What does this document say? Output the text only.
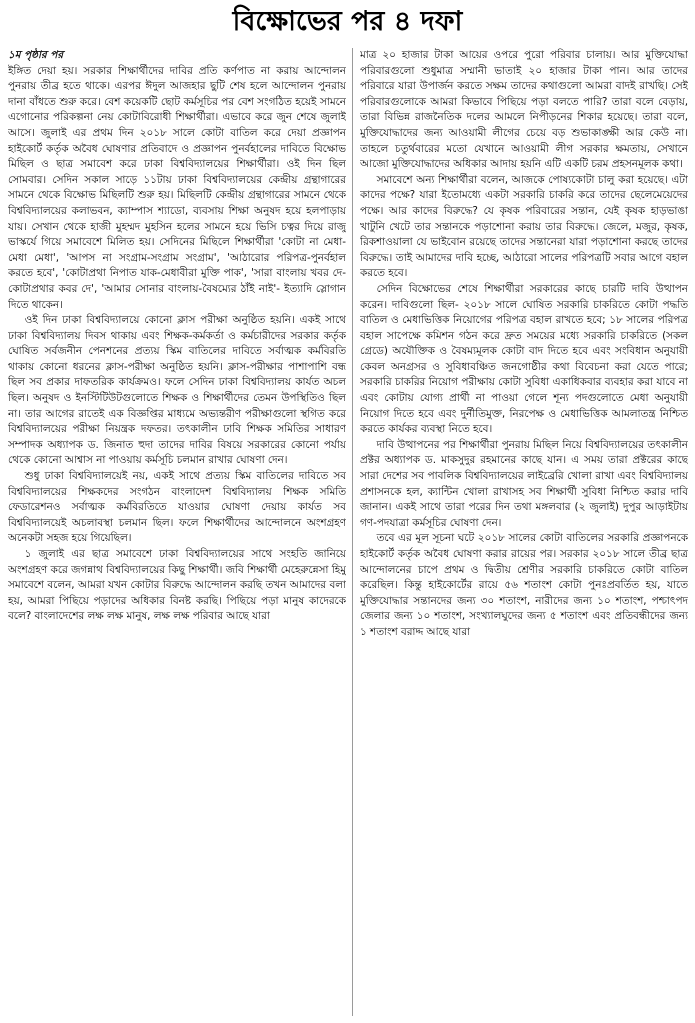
বিক্ষোভের পর ৪ দফা
১ম পৃষ্ঠার পর

ইঙ্গিত দেয়া হয়। সরকার শিক্ষার্থীদের দাবির প্রতি কর্ণপাত না করায় আন্দোলন পুনরায় তীব্র হতে থাকে। এরপর ঈদুল আজহার ছুটি শেষ হলে আন্দোলন পুনরায় দানা বাঁধতে শুরু করে। বেশ কয়েকটি ছোট কর্মসূচির পর বেশ সংগঠিত হয়েই সামনে এগোনোর পরিকল্পনা নেয় কোটাবিরোধী শিক্ষার্থীরা। এভাবে করে জুন শেষে জুলাই আসে। জুলাই এর প্রথম দিন ২০১৮ সালে কোটা বাতিল করে দেয়া প্রজ্ঞাপন হাইকোর্ট কর্তৃক অবৈধ ঘোষণার প্রতিবাদে ও প্রজ্ঞাপন পুনর্বহালের দাবিতে বিক্ষোভ মিছিল ও ছাত্র সমাবেশ করে ঢাকা বিশ্ববিদ্যালয়ের শিক্ষার্থীরা। ওই দিন ছিল সোমবার। সেদিন সকাল সাড়ে ১১টায় ঢাকা বিশ্ববিদ্যালয়ের কেন্দ্রীয় গ্রন্থাগারের সামনে থেকে বিক্ষোভ মিছিলটি শুরু হয়। মিছিলটি কেন্দ্রীয় গ্রন্থাগারের সামনে থেকে বিশ্ববিদ্যালয়ের কলাভবন, ক্যাম্পাস শ্যাডো, ব্যবসায় শিক্ষা অনুষদ হয়ে হলপাড়ায় যায়। সেখান থেকে হাজী মুহম্মদ মুহসিন হলের সামনে হয়ে ভিসি চত্বর দিয়ে রাজু ভাস্কর্যে গিয়ে সমাবেশে মিলিত হয়। সেদিনের মিছিলে শিক্ষার্থীরা 'কোটা না মেধা-মেধা মেধা', 'আপস না সংগ্রাম-সংগ্রাম সংগ্রাম', 'আঠারোর পরিপত্র-পুনর্বহাল করতে হবে', 'কোটাপ্রথা নিপাত যাক-মেধাবীরা মুক্তি পাক', 'সারা বাংলায় খবর দে-কোটাপ্রথার কবর দে', 'আমার সোনার বাংলায়-বৈষম্যের ঠাঁই নাই'- ইত্যাদি স্লোগান দিতে থাকেন।

ওই দিন ঢাকা বিশ্ববিদ্যালয়ে কোনো ক্লাস পরীক্ষা অনুষ্ঠিত হয়নি। একই সাথে ঢাকা বিশ্ববিদ্যালয় দিবস থাকায় এবং শিক্ষক-কর্মকর্তা ও কর্মচারীদের সরকার কর্তৃক ঘোষিত সর্বজনীন পেনশনের প্রত্যয় স্কিম বাতিলের দাবিতে সর্বাত্মক কর্মবিরতি থাকায় কোনো ধরনের ক্লাস-পরীক্ষা অনুষ্ঠিত হয়নি। ক্লাস-পরীক্ষার পাশাপাশি বন্ধ ছিল সব প্রকার দাফতরিক কার্যক্রমও। ফলে সেদিন ঢাকা বিশ্ববিদ্যালয় কার্যত অচল ছিল। অনুষদ ও ইনস্টিটিউটগুলোতে শিক্ষক ও শিক্ষার্থীদের তেমন উপস্থিতিও ছিল না। তার আগের রাতেই এক বিজ্ঞপ্তির মাধ্যমে অভ্যন্তরীণ পরীক্ষাগুলো স্থগিত করে বিশ্ববিদ্যালয়ের পরীক্ষা নিয়ন্ত্রক দফতর। তৎকালীন ঢাবি শিক্ষক সমিতির সাধারণ সম্পাদক অধ্যাপক ড. জিনাত হুদা তাদের দাবির বিষয়ে সরকারের কোনো পর্যায় থেকে কোনো আশ্বাস না পাওয়ায় কর্মসূচি চলমান রাখার ঘোষণা দেন।

শুধু ঢাকা বিশ্ববিদ্যালয়েই নয়, একই সাথে প্রত্যয় স্কিম বাতিলের দাবিতে সব বিশ্ববিদ্যালয়ের শিক্ষকদের সংগঠন বাংলাদেশ বিশ্ববিদ্যালয় শিক্ষক সমিতি ফেডারেশনও সর্বাত্মক কর্মবিরতিতে যাওয়ার ঘোষণা দেয়ায় কার্যত সব বিশ্ববিদ্যালয়েই অচলাবস্থা চলমান ছিল। ফলে শিক্ষার্থীদের আন্দোলনে অংশগ্রহণ অনেকটা সহজ হয়ে গিয়েছিল।

১ জুলাই এর ছাত্র সমাবেশে ঢাকা বিশ্ববিদ্যালয়ের সাথে সংহতি জানিয়ে অংশগ্রহণ করে জগন্নাথ বিশ্ববিদ্যালয়ের কিছু শিক্ষার্থী। জবি শিক্ষার্থী মেহেরুন্নেসা হিমু সমাবেশে বলেন, আমরা যখন কোটার বিরুদ্ধে আন্দোলন করছি তখন আমাদের বলা হয়, আমরা পিছিয়ে পড়াদের অধিকার বিনষ্ট করছি। পিছিয়ে পড়া মানুষ কাদেরকে বলে? বাংলাদেশের লক্ষ লক্ষ মানুষ, লক্ষ লক্ষ পরিবার আছে যারা

মাত্র ২০ হাজার টাকা আয়ের ওপরে পুরো পরিবার চালায়। আর মুক্তিযোদ্ধা পরিবারগুলো শুধুমাত্র সম্মানী ভাতাই ২০ হাজার টাকা পান। আর তাদের পরিবারে যারা উপার্জন করতে সক্ষম তাদের কথাগুলো আমরা বাদই রাখছি। সেই পরিবারগুলোকে আমরা কিভাবে পিছিয়ে পড়া বলতে পারি? তারা বলে বেড়ায়, তারা বিভিন্ন রাজনৈতিক দলের আমলে নিপীড়নের শিকার হয়েছে। তারা বলে, মুক্তিযোদ্ধাদের জন্য আওয়ামী লীগের চেয়ে বড় শুভাকাঙ্ক্ষী আর কেউ না। তাহলে চতুর্থবারের মতো যেখানে আওয়ামী লীগ সরকার ক্ষমতায়, সেখানে আজো মুক্তিযোদ্ধাদের অধিকার আদায় হয়নি এটি একটি চরম প্রহসনমূলক কথা।

সমাবেশে অন্য শিক্ষার্থীরা বলেন, আজকে পোষ্যকোটা চালু করা হয়েছে। এটা কাদের পক্ষে? যারা ইতোমধ্যে একটা সরকারি চাকরি করে তাদের ছেলেমেয়েদের পক্ষে। আর কাদের বিরুদ্ধে? যে কৃষক পরিবারের সন্তান, যেই কৃষক হাড়ভাঙা খাটুনি খেটে তার সন্তানকে পড়াশোনা করায় তার বিরুদ্ধে। জেলে, মজুর, কৃষক, রিকশাওয়ালা যে ভাইবোন রয়েছে তাদের সন্তানেরা যারা পড়াশোনা করছে তাদের বিরুদ্ধে। তাই আমাদের দাবি হচ্ছে, আঠারো সালের পরিপত্রটি সবার আগে বহাল করতে হবে।

সেদিন বিক্ষোভের শেষে শিক্ষার্থীরা সরকারের কাছে চারটি দাবি উত্থাপন করেন। দাবিগুলো ছিল- ২০১৮ সালে ঘোষিত সরকারি চাকরিতে কোটা পদ্ধতি বাতিল ও মেধাভিত্তিক নিয়োগের পরিপত্র বহাল রাখতে হবে; ১৮ সালের পরিপত্র বহাল সাপেক্ষে কমিশন গঠন করে দ্রুত সময়ের মধ্যে সরকারি চাকরিতে (সকল গ্রেডে) অযৌক্তিক ও বৈষম্যমূলক কোটা বাদ দিতে হবে এবং সংবিধান অনুযায়ী কেবল অনগ্রসর ও সুবিধাবঞ্চিত জনগোষ্ঠীর কথা বিবেচনা করা যেতে পারে; সরকারি চাকরির নিয়োগ পরীক্ষায় কোটা সুবিধা একাধিকবার ব্যবহার করা যাবে না এবং কোটায় যোগ্য প্রার্থী না পাওয়া গেলে শূন্য পদগুলোতে মেধা অনুযায়ী নিয়োগ দিতে হবে এবং দুর্নীতিমুক্ত, নিরপেক্ষ ও মেধাভিত্তিক আমলাতন্ত্র নিশ্চিত করতে কার্যকর ব্যবস্থা নিতে হবে।

দাবি উত্থাপনের পর শিক্ষার্থীরা পুনরায় মিছিল নিয়ে বিশ্ববিদ্যালয়ের তৎকালীন প্রক্টর অধ্যাপক ড. মাকসুদুর রহমানের কাছে যান। এ সময় তারা প্রক্টরের কাছে সারা দেশের সব পাবলিক বিশ্ববিদ্যালয়ের লাইব্রেরি খোলা রাখা এবং বিশ্ববিদ্যালয় প্রশাসনকে হল, ক্যান্টিন খোলা রাখাসহ সব শিক্ষার্থী সুবিধা নিশ্চিত করার দাবি জানান। একই সাথে তারা পরের দিন তথা মঙ্গলবার (২ জুলাই) দুপুর আড়াইটায় গণ-পদযাত্রা কর্মসূচির ঘোষণা দেন।

তবে এর মূল সূচনা ঘটে ২০১৮ সালের কোটা বাতিলের সরকারি প্রজ্ঞাপনকে হাইকোর্ট কর্তৃক অবৈধ ঘোষণা করার রায়ের পর। সরকার ২০১৮ সালে তীব্র ছাত্র আন্দোলনের চাপে প্রথম ও দ্বিতীয় শ্রেণীর সরকারি চাকরিতে কোটা বাতিল করেছিল। কিন্তু হাইকোর্টের রায়ে ৫৬ শতাংশ কোটা পুনঃপ্রবর্তিত হয়, যাতে মুক্তিযোদ্ধার সন্তানদের জন্য ৩০ শতাংশ, নারীদের জন্য ১০ শতাংশ, পশ্চাৎপদ জেলার জন্য ১০ শতাংশ, সংখ্যালঘুদের জন্য ৫ শতাংশ এবং প্রতিবন্ধীদের জন্য ১ শতাংশ বরাদ্দ আছে যারা
